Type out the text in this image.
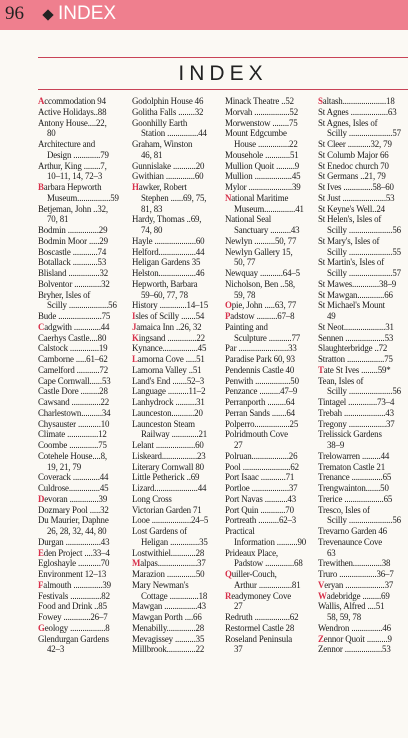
96 INDEX
INDEX

Accommodation 94

Active Holidays..88

Antony House....22,

80

Architecture and

Design .............79

Arthur, King ........7,

10–11, 14, 72–3

Barbara Hepworth

Museum................59

Betjeman, John ..32,

70, 81

Bodmin ...............29

Bodmin Moor .....29

Boscastle ............74

Botallack ............53

Blisland ...............32

Bolventor .............32

Bryher, Isles of

Scilly ...................56

Bude .....................75

Cadgwith .............44

Caerhys Castle....80

Calstock ..............19

Camborne .....61–62

Camelford ...........72

Cape Cornwall......53

Castle Dore .........28

Cawsand ..............22

Charlestown..........34

Chysauster ...........10

Climate ...............12

Coombe ..............75

Cotehele House....8,

19, 21, 79

Coverack .............44

Culdrose...............45

Devoran ..............39

Dozmary Pool .....32

Du Maurier, Daphne

26, 28, 32, 44, 80

Durgan .................43

Eden Project ....33–4

Egloshayle ...........70

Environment 12–13

Falmouth ..............39

Festivals ...............82

Food and Drink ..85

Fowey .............26–7

Geology .................8

Glendurgan Gardens

42–3

Godolphin House 46

Golitha Falls ........32

Goonhilly Earth

Station ...............44

Graham, Winston

46, 81

Gunnislake ...........20

Gwithian ..............60

Hawker, Robert

Stephen ......69, 75,

81, 83

Hardy, Thomas ..69,

74, 80

Hayle ....................60

Helford..................44

Heligan Gardens 35

Helston..................46

Hepworth, Barbara

59–60, 77, 78

History .............14–15

Isles of Scilly .......54

Jamaica Inn ..26, 32

Kingsand ..............22

Kynance.................45

Lamorna Cove .....51

Lamorna Valley ..51

Land's End .......52–3

Language ..........11–2

Lanhydrock ..........31

Launceston...........20

Launceston Steam

Railway .............21

Lelant ...................60

Liskeard.................23

Literary Cornwall 80

Little Petherick ..69

Lizard.....................44

Long Cross

Victorian Garden 71

Looe ...................24–5

Lost Gardens of

Heligan ..............35

Lostwithiel............28

Malpas...................37

Marazion ..............50

Mary Newman's

Cottage ..............18

Mawgan ................43

Mawgan Porth ....66

Menabilly..............28

Mevagissey ..........35

Millbrook..............22

Minack Theatre ..52

Morvah .................52

Morwenstow ........75

Mount Edgcumbe

House ...............22

Mousehole ............51

Mullion Quoit .........9

Mullion ..................45

Mylor .....................39

National Maritime

Museum...............41

National Seal

Sanctuary ..........43

Newlyn ..........50, 77

Newlyn Gallery 15,

50, 77

Newquay ...........64–5

Nicholson, Ben ..58,

59, 78

Opie, John .....63, 77

Padstow ..........67–8

Painting and

Sculpture ...........77

Par ........................33

Paradise Park 60, 93

Pendennis Castle 40

Penwith .................50

Penzance ..........47–9

Perranporth .........64

Perran Sands .......64

Polperro.................25

Polridmouth Cove

27

Polruan..................26

Pool .......................62

Port Isaac ............71

Portloe ..................37

Port Navas ...........43

Port Quin ............70

Portreath ..........62–3

Practical

Information ..........90

Prideaux Place,

Padstow ..............68

Quiller-Couch,

Arthur ................81

Readymoney Cove

27

Redruth .................62

Restormel Castle 28

Roseland Peninsula

37

Saltash.....................18

St Agnes ..................63

St Agnes, Isles of

Scilly .....................57

St Cleer ...........32, 79

St Columb Major 66

St Enedoc church 70

St Germans ..21, 79

St Ives ..............58–60

St Just .....................53

St Keyne's Well..24

St Helen's, Isles of

Scilly .....................56

St Mary's, Isles of

Scilly .....................55

St Martin's, Isles of

Scilly .....................57

St Mawes.............38–9

St Mawgan.............66

St Michael's Mount

49

St Neot....................31

Sennen ...................53

Slaughterbridge ..72

Stratton ..................75

Tate St Ives ........59*

Tean, Isles of

Scilly .....................56

Tintagel ..............73–4

Trebah ....................43

Tregony ..................37

Trelissick Gardens

38–9

Trelowarren .........44

Trematon Castle 21

Trenance ...............65

Trengwainton.......50

Trerice ...................65

Tresco, Isles of

Scilly .....................56

Trevarno Garden 46

Trevenaunce Cove

63

Trewithen..............38

Truro ..................36–7

Veryan ...................37

Wadebridge .........69

Wallis, Alfred ....51

58, 59, 78

Wendron ...............46

Zennor Quoit ..........9

Zennor ..................53
